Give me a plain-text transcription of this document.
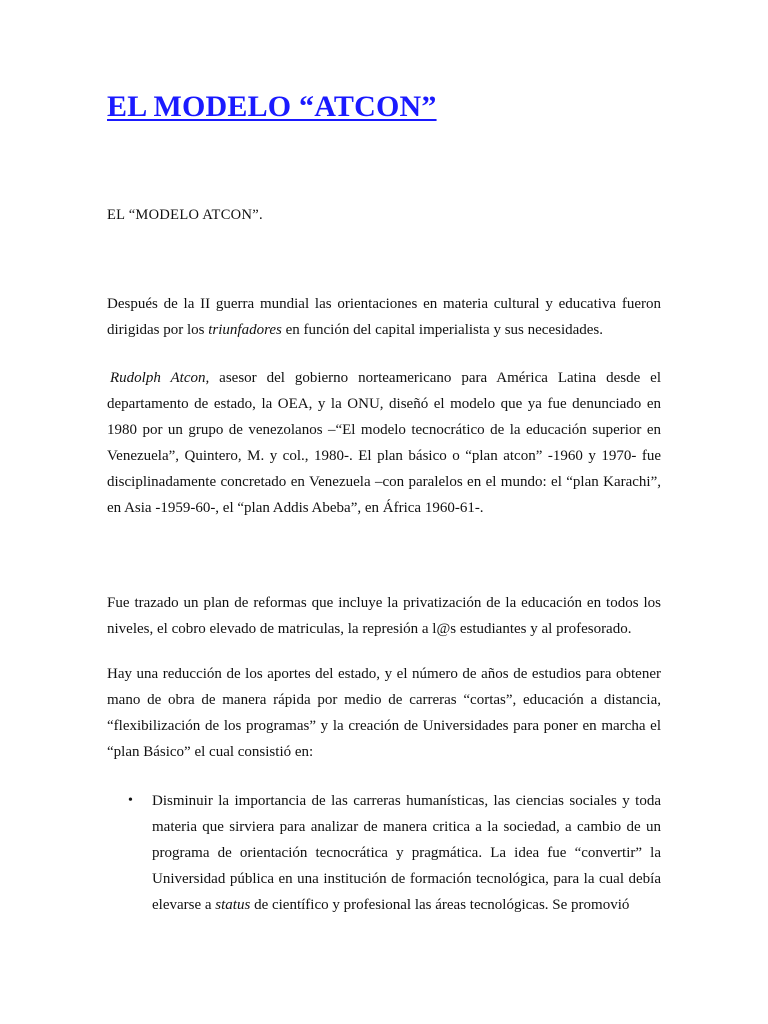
EL MODELO “ATCON”

EL “MODELO ATCON”.

Después de la II guerra mundial las orientaciones en materia cultural y educativa fueron dirigidas por los triunfadores en función del capital imperialista y sus necesidades.

Rudolph Atcon, asesor del gobierno norteamericano para América Latina desde el departamento de estado, la OEA, y la ONU, diseñó el modelo que ya fue denunciado en 1980 por un grupo de venezolanos –“El modelo tecnocrático de la educación superior en Venezuela”, Quintero, M. y col., 1980-. El plan básico o “plan atcon” -1960 y 1970- fue disciplinadamente concretado en Venezuela –con paralelos en el mundo: el “plan Karachi”, en Asia -1959-60-, el “plan Addis Abeba”, en África 1960-61-.

Fue trazado un plan de reformas que incluye la privatización de la educación en todos los niveles, el cobro elevado de matriculas, la represión a l@s estudiantes y al profesorado.

Hay una reducción de los aportes del estado, y el número de años de estudios para obtener mano de obra de manera rápida por medio de carreras “cortas”, educación a distancia, “flexibilización de los programas” y la creación de Universidades para poner en marcha el “plan Básico” el cual consistió en:

• Disminuir la importancia de las carreras humanísticas, las ciencias sociales y toda materia que sirviera para analizar de manera critica a la sociedad, a cambio de un programa de orientación tecnocrática y pragmática. La idea fue “convertir” la Universidad pública en una institución de formación tecnológica, para la cual debía elevarse a status de científico y profesional las áreas tecnológicas. Se promovió
